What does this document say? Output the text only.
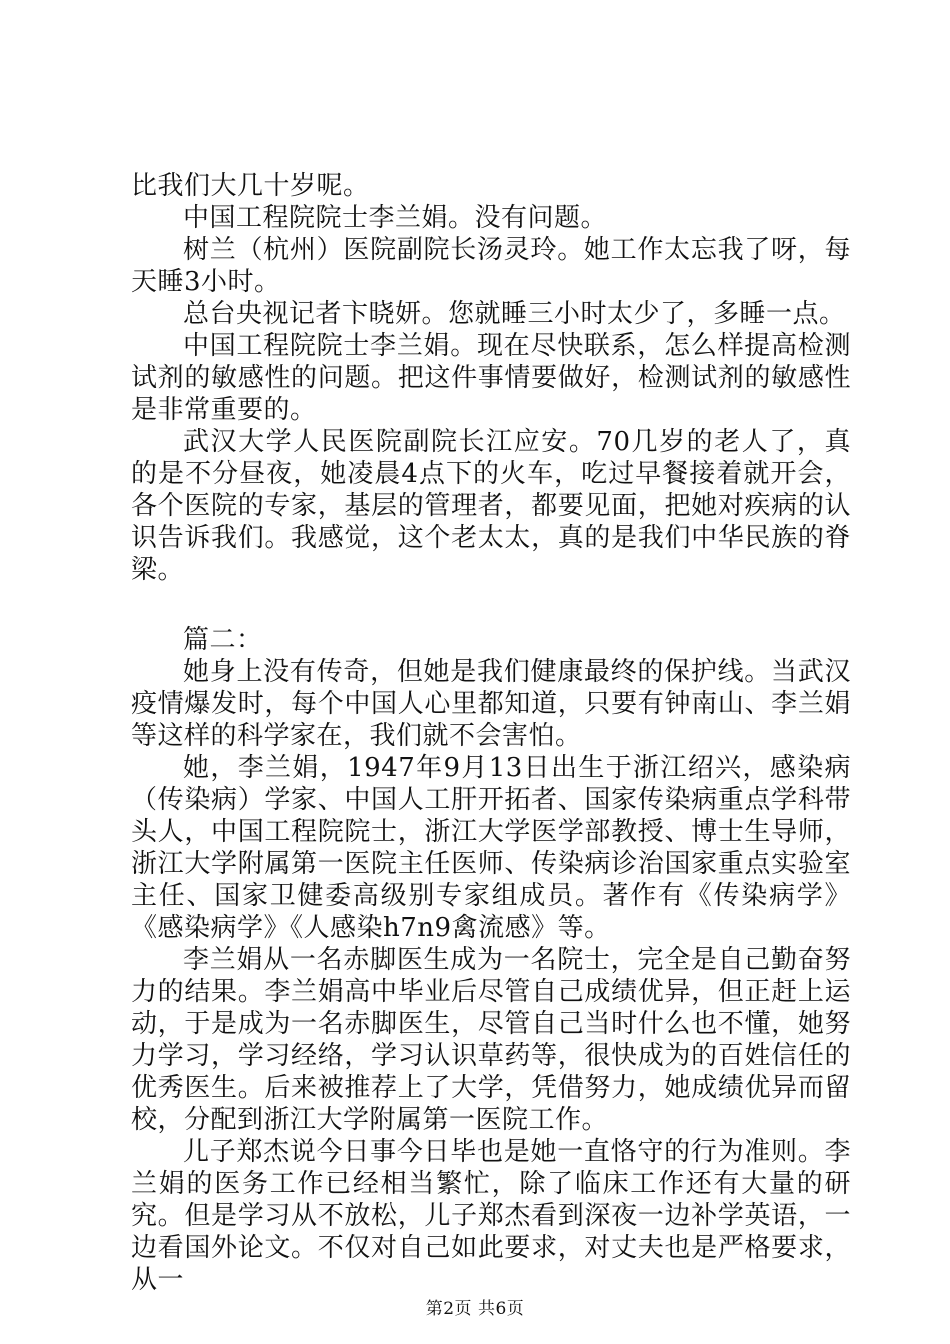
比我们大几十岁呢。

中国工程院院士李兰娟。没有问题。

树兰（杭州）医院副院长汤灵玲。她工作太忘我了呀，每天睡3小时。

总台央视记者卞晓妍。您就睡三小时太少了，多睡一点。

中国工程院院士李兰娟。现在尽快联系，怎么样提高检测试剂的敏感性的问题。把这件事情要做好，检测试剂的敏感性是非常重要的。

武汉大学人民医院副院长江应安。70几岁的老人了，真的是不分昼夜，她凌晨4点下的火车，吃过早餐接着就开会，各个医院的专家，基层的管理者，都要见面，把她对疾病的认识告诉我们。我感觉，这个老太太，真的是我们中华民族的脊梁。

篇二：

她身上没有传奇，但她是我们健康最终的保护线。当武汉疫情爆发时，每个中国人心里都知道，只要有钟南山、李兰娟等这样的科学家在，我们就不会害怕。

她，李兰娟，1947年9月13日出生于浙江绍兴，感染病（传染病）学家、中国人工肝开拓者、国家传染病重点学科带头人，中国工程院院士，浙江大学医学部教授、博士生导师，浙江大学附属第一医院主任医师、传染病诊治国家重点实验室主任、国家卫健委高级别专家组成员。著作有《传染病学》《感染病学》《人感染h7n9禽流感》等。

李兰娟从一名赤脚医生成为一名院士，完全是自己勤奋努力的结果。李兰娟高中毕业后尽管自己成绩优异，但正赶上运动，于是成为一名赤脚医生，尽管自己当时什么也不懂，她努力学习，学习经络，学习认识草药等，很快成为的百姓信任的优秀医生。后来被推荐上了大学，凭借努力，她成绩优异而留校，分配到浙江大学附属第一医院工作。

儿子郑杰说今日事今日毕也是她一直恪守的行为准则。李兰娟的医务工作已经相当繁忙，除了临床工作还有大量的研究。但是学习从不放松，儿子郑杰看到深夜一边补学英语，一边看国外论文。不仅对自己如此要求，对丈夫也是严格要求，从一

第2页 共6页
